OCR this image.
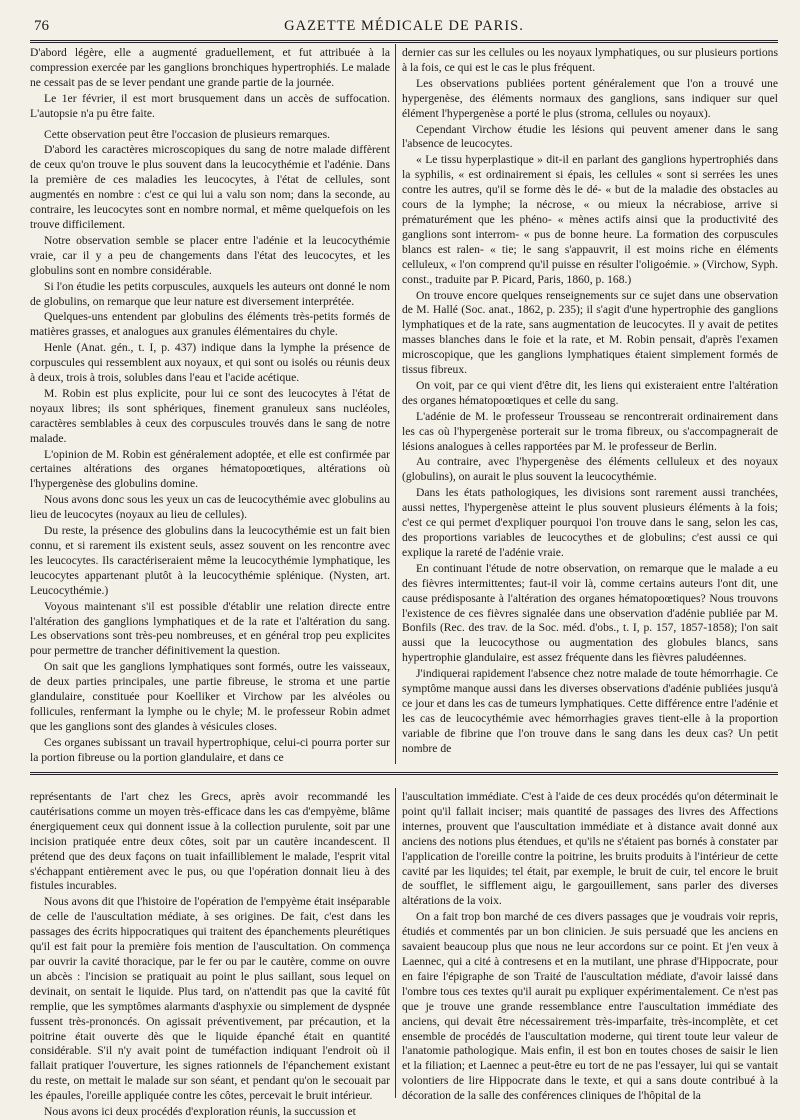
76	GAZETTE MÉDICALE DE PARIS.

D'abord légère, elle a augmenté graduellement, et fut attribuée à la compression exercée par les ganglions bronchiques hypertrophiés. Le malade ne cessait pas de se lever pendant une grande partie de la journée.

Le 1er février, il est mort brusquement dans un accès de suffocation. L'autopsie n'a pu être faite.

Cette observation peut être l'occasion de plusieurs remarques.

D'abord les caractères microscopiques du sang de notre malade diffèrent de ceux qu'on trouve le plus souvent dans la leucocythémie et l'adénie. Dans la première de ces maladies les leucocytes, à l'état de cellules, sont augmentés en nombre : c'est ce qui lui a valu son nom; dans la seconde, au contraire, les leucocytes sont en nombre normal, et même quelquefois on les trouve difficilement.

Notre observation semble se placer entre l'adénie et la leucocythémie vraie, car il y a peu de changements dans l'état des leucocytes, et les globulins sont en nombre considérable.

Si l'on étudie les petits corpuscules, auxquels les auteurs ont donné le nom de globulins, on remarque que leur nature est diversement interprétée.

Quelques-uns entendent par globulins des éléments très-petits formés de matières grasses, et analogues aux granules élémentaires du chyle.

Henle (Anat. gén., t. I, p. 437) indique dans la lymphe la présence de corpuscules qui ressemblent aux noyaux, et qui sont ou isolés ou réunis deux à deux, trois à trois, solubles dans l'eau et l'acide acétique.

M. Robin est plus explicite, pour lui ce sont des leucocytes à l'état de noyaux libres; ils sont sphériques, finement granuleux sans nucléoles, caractères semblables à ceux des corpuscules trouvés dans le sang de notre malade.

L'opinion de M. Robin est généralement adoptée, et elle est confirmée par certaines altérations des organes hématopoœtiques, altérations où l'hypergenèse des globulins domine.

Nous avons donc sous les yeux un cas de leucocythémie avec globulins au lieu de leucocytes (noyaux au lieu de cellules).

Du reste, la présence des globulins dans la leucocythémie est un fait bien connu, et si rarement ils existent seuls, assez souvent on les rencontre avec les leucocytes. Ils caractériseraient même la leucocythémie lymphatique, les leucocytes appartenant plutôt à la leucocythémie splénique. (Nysten, art. Leucocythémie.)

Voyous maintenant s'il est possible d'établir une relation directe entre l'altération des ganglions lymphatiques et de la rate et l'altération du sang. Les observations sont très-peu nombreuses, et en général trop peu explicites pour permettre de trancher définitivement la question.

On sait que les ganglions lymphatiques sont formés, outre les vaisseaux, de deux parties principales, une partie fibreuse, le stroma et une partie glandulaire, constituée pour Koelliker et Virchow par les alvéoles ou follicules, renfermant la lymphe ou le chyle; M. le professeur Robin admet que les ganglions sont des glandes à vésicules closes.

Ces organes subissant un travail hypertrophique, celui-ci pourra porter sur la portion fibreuse ou la portion glandulaire, et dans ce

dernier cas sur les cellules ou les noyaux lymphatiques, ou sur plusieurs portions à la fois, ce qui est le cas le plus fréquent.

Les observations publiées portent généralement que l'on a trouvé une hypergenèse, des éléments normaux des ganglions, sans indiquer sur quel élément l'hypergenèse a porté le plus (stroma, cellules ou noyaux).

Cependant Virchow étudie les lésions qui peuvent amener dans le sang l'absence de leucocytes.

« Le tissu hyperplastique » dit-il en parlant des ganglions hypertrophiés dans la syphilis, « est ordinairement si épais, les cellules « sont si serrées les unes contre les autres, qu'il se forme dès le dé- « but de la maladie des obstacles au cours de la lymphe; la nécrose, « ou mieux la nécrabiose, arrive si prématurément que les phéno- « mènes actifs ainsi que la productivité des ganglions sont interrom- « pus de bonne heure. La formation des corpuscules blancs est ralen- « tie; le sang s'appauvrit, il est moins riche en éléments celluleux, « l'on comprend qu'il puisse en résulter l'oligoémie. » (Virchow, Syph. const., traduite par P. Picard, Paris, 1860, p. 168.)

On trouve encore quelques renseignements sur ce sujet dans une observation de M. Hallé (Soc. anat., 1862, p. 235); il s'agit d'une hypertrophie des ganglions lymphatiques et de la rate, sans augmentation de leucocytes. Il y avait de petites masses blanches dans le foie et la rate, et M. Robin pensait, d'après l'examen microscopique, que les ganglions lymphatiques étaient simplement formés de tissus fibreux.

On voit, par ce qui vient d'être dit, les liens qui existeraient entre l'altération des organes hématopoœtiques et celle du sang.

L'adénie de M. le professeur Trousseau se rencontrerait ordinairement dans les cas où l'hypergenèse porterait sur le troma fibreux, ou s'accompagnerait de lésions analogues à celles rapportées par M. le professeur de Berlin.

Au contraire, avec l'hypergenèse des éléments celluleux et des noyaux (globulins), on aurait le plus souvent la leucocythémie.

Dans les états pathologiques, les divisions sont rarement aussi tranchées, aussi nettes, l'hypergenèse atteint le plus souvent plusieurs éléments à la fois; c'est ce qui permet d'expliquer pourquoi l'on trouve dans le sang, selon les cas, des proportions variables de leucocythes et de globulins; c'est aussi ce qui explique la rareté de l'adénie vraie.

En continuant l'étude de notre observation, on remarque que le malade a eu des fièvres intermittentes; faut-il voir là, comme certains auteurs l'ont dit, une cause prédisposante à l'altération des organes hématopoœtiques? Nous trouvons l'existence de ces fièvres signalée dans une observation d'adénie publiée par M. Bonfils (Rec. des trav. de la Soc. méd. d'obs., t. I, p. 157, 1857-1858); l'on sait aussi que la leucocythose ou augmentation des globules blancs, sans hypertrophie glandulaire, est assez fréquente dans les fièvres paludéennes.

J'indiquerai rapidement l'absence chez notre malade de toute hémorrhagie. Ce symptôme manque aussi dans les diverses observations d'adénie publiées jusqu'à ce jour et dans les cas de tumeurs lymphatiques. Cette différence entre l'adénie et les cas de leucocythémie avec hémorrhagies graves tient-elle à la proportion variable de fibrine que l'on trouve dans le sang dans les deux cas? Un petit nombre de

représentants de l'art chez les Grecs, après avoir recommandé les cautérisations comme un moyen très-efficace dans les cas d'empyème, blâme énergiquement ceux qui donnent issue à la collection purulente, soit par une incision pratiquée entre deux côtes, soit par un cautère incandescent. Il prétend que des deux façons on tuait infailliblement le malade, l'esprit vital s'échappant entièrement avec le pus, ou que l'opération donnait lieu à des fistules incurables.

Nous avons dit que l'histoire de l'opération de l'empyème était inséparable de celle de l'auscultation médiate, à ses origines. De fait, c'est dans les passages des écrits hippocratiques qui traitent des épanchements pleurétiques qu'il est fait pour la première fois mention de l'auscultation. On commença par ouvrir la cavité thoracique, par le fer ou par le cautère, comme on ouvre un abcès : l'incision se pratiquait au point le plus saillant, sous lequel on devinait, on sentait le liquide. Plus tard, on n'attendit pas que la cavité fût remplie, que les symptômes alarmants d'asphyxie ou simplement de dyspnée fussent très-prononcés. On agissait préventivement, par précaution, et la poitrine était ouverte dès que le liquide épanché était en quantité considérable. S'il n'y avait point de tuméfaction indiquant l'endroit où il fallait pratiquer l'ouverture, les signes rationnels de l'épanchement existant du reste, on mettait le malade sur son séant, et pendant qu'on le secouait par les épaules, l'oreille appliquée contre les côtes, percevait le bruit intérieur.

Nous avons ici deux procédés d'exploration réunis, la succussion et

l'auscultation immédiate. C'est à l'aide de ces deux procédés qu'on déterminait le point qu'il fallait inciser; mais quantité de passages des livres des Affections internes, prouvent que l'auscultation immédiate et à distance avait donné aux anciens des notions plus étendues, et qu'ils ne s'étaient pas bornés à constater par l'application de l'oreille contre la poitrine, les bruits produits à l'intérieur de cette cavité par les liquides; tel était, par exemple, le bruit de cuir, tel encore le bruit de soufflet, le sifflement aigu, le gargouillement, sans parler des diverses altérations de la voix.

On a fait trop bon marché de ces divers passages que je voudrais voir repris, étudiés et commentés par un bon clinicien. Je suis persuadé que les anciens en savaient beaucoup plus que nous ne leur accordons sur ce point. Et j'en veux à Laennec, qui a cité à contresens et en la mutilant, une phrase d'Hippocrate, pour en faire l'épigraphe de son Traité de l'auscultation médiate, d'avoir laissé dans l'ombre tous ces textes qu'il aurait pu expliquer expérimentalement. Ce n'est pas que je trouve une grande ressemblance entre l'auscultation immédiate des anciens, qui devait être nécessairement très-imparfaite, très-incomplète, et cet ensemble de procédés de l'auscultation moderne, qui tirent toute leur valeur de l'anatomie pathologique. Mais enfin, il est bon en toutes choses de saisir le lien et la filiation; et Laennec a peut-être eu tort de ne pas l'essayer, lui qui se vantait volontiers de lire Hippocrate dans le texte, et qui a sans doute contribué à la décoration de la salle des conférences cliniques de l'hôpital de la
